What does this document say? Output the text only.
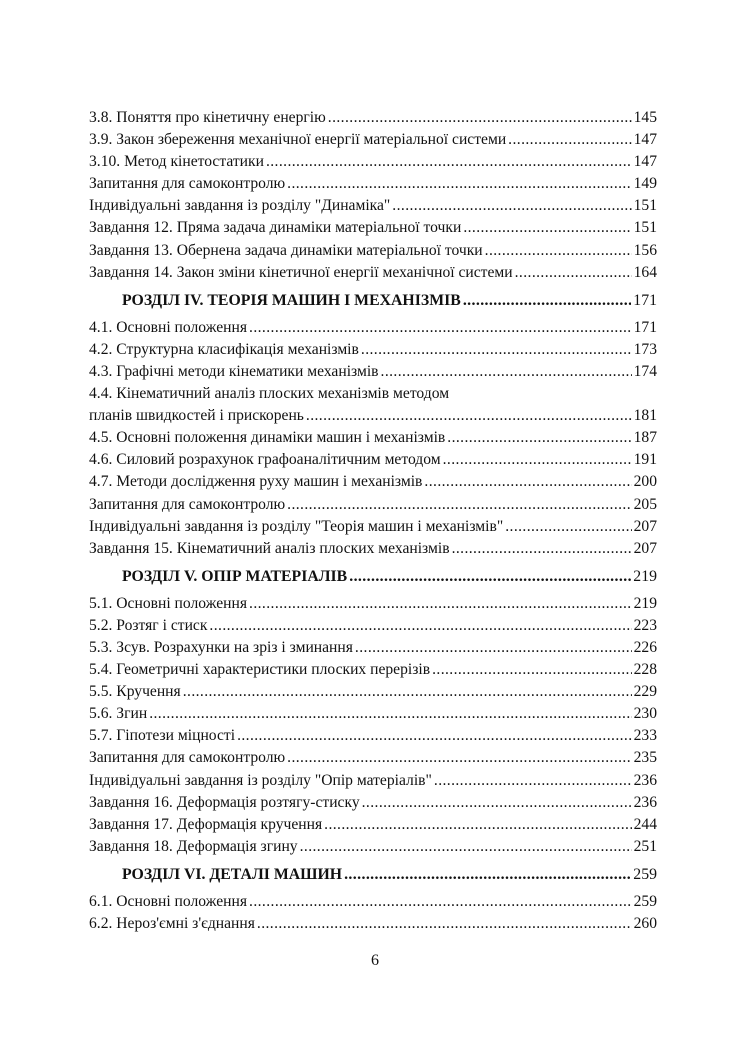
3.8. Поняття про кінетичну енергію .....	145
3.9. Закон збереження механічної енергії матеріальної системи .....	147
3.10. Метод кінетостатики .....	147
Запитання для самоконтролю .....	149
Індивідуальні завдання із розділу "Динаміка" .....	151
Завдання 12. Пряма задача динаміки матеріальної точки .....	151
Завдання 13. Обернена задача динаміки матеріальної точки .....	156
Завдання 14. Закон зміни кінетичної енергії механічної системи .....	164
РОЗДІЛ IV. ТЕОРІЯ МАШИН І МЕХАНІЗМІВ .....	171
4.1. Основні положення .....	171
4.2. Структурна класифікація механізмів .....	173
4.3. Графічні методи кінематики механізмів .....	174
4.4. Кінематичний аналіз плоских механізмів методом
планів швидкостей і прискорень .....	181
4.5. Основні положення динаміки машин і механізмів .....	187
4.6. Силовий розрахунок графоаналітичним методом .....	191
4.7. Методи дослідження руху машин і механізмів .....	200
Запитання для самоконтролю .....	205
Індивідуальні завдання із розділу "Теорія машин і механізмів" .....	207
Завдання 15. Кінематичний аналіз плоских механізмів .....	207
РОЗДІЛ V. ОПІР МАТЕРІАЛІВ .....	219
5.1. Основні положення .....	219
5.2. Розтяг і стиск .....	223
5.3. Зсув. Розрахунки на зріз і зминання .....	226
5.4. Геометричні характеристики плоских перерізів .....	228
5.5. Кручення .....	229
5.6. Згин .....	230
5.7. Гіпотези міцності .....	233
Запитання для самоконтролю .....	235
Індивідуальні завдання із розділу "Опір матеріалів" .....	236
Завдання 16. Деформація розтягу-стиску .....	236
Завдання 17. Деформація кручення .....	244
Завдання 18. Деформація згину .....	251
РОЗДІЛ VI. ДЕТАЛІ МАШИН .....	259
6.1. Основні положення .....	259
6.2. Нероз'ємні з'єднання .....	260
6
